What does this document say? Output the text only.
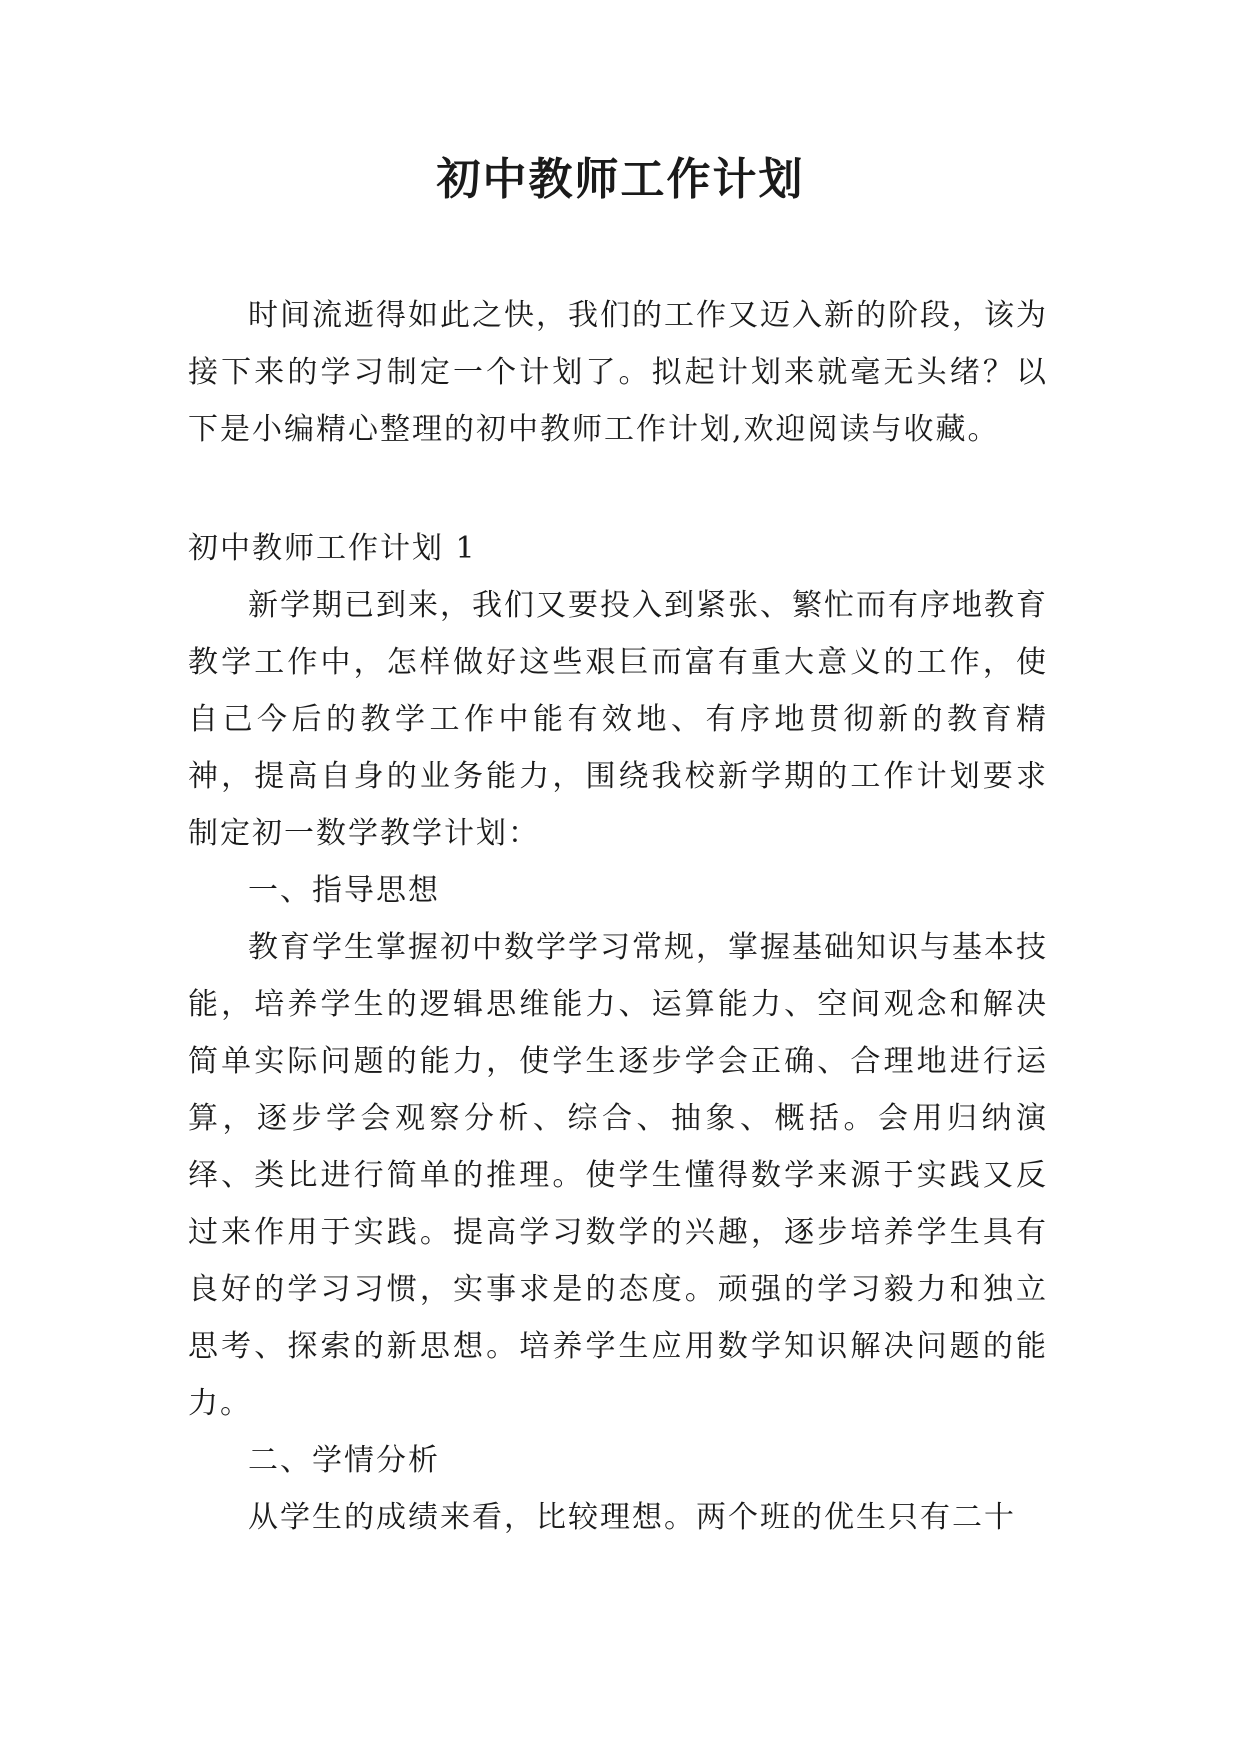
初中教师工作计划

时间流逝得如此之快，我们的工作又迈入新的阶段，该为接下来的学习制定一个计划了。拟起计划来就毫无头绪？以下是小编精心整理的初中教师工作计划,欢迎阅读与收藏。

初中教师工作计划 1

新学期已到来，我们又要投入到紧张、繁忙而有序地教育教学工作中，怎样做好这些艰巨而富有重大意义的工作，使自己今后的教学工作中能有效地、有序地贯彻新的教育精神，提高自身的业务能力，围绕我校新学期的工作计划要求制定初一数学教学计划：

一、指导思想

教育学生掌握初中数学学习常规，掌握基础知识与基本技能，培养学生的逻辑思维能力、运算能力、空间观念和解决简单实际问题的能力，使学生逐步学会正确、合理地进行运算，逐步学会观察分析、综合、抽象、概括。会用归纳演绎、类比进行简单的推理。使学生懂得数学来源于实践又反过来作用于实践。提高学习数学的兴趣，逐步培养学生具有良好的学习习惯，实事求是的态度。顽强的学习毅力和独立思考、探索的新思想。培养学生应用数学知识解决问题的能力。

二、学情分析

从学生的成绩来看，比较理想。两个班的优生只有二十
